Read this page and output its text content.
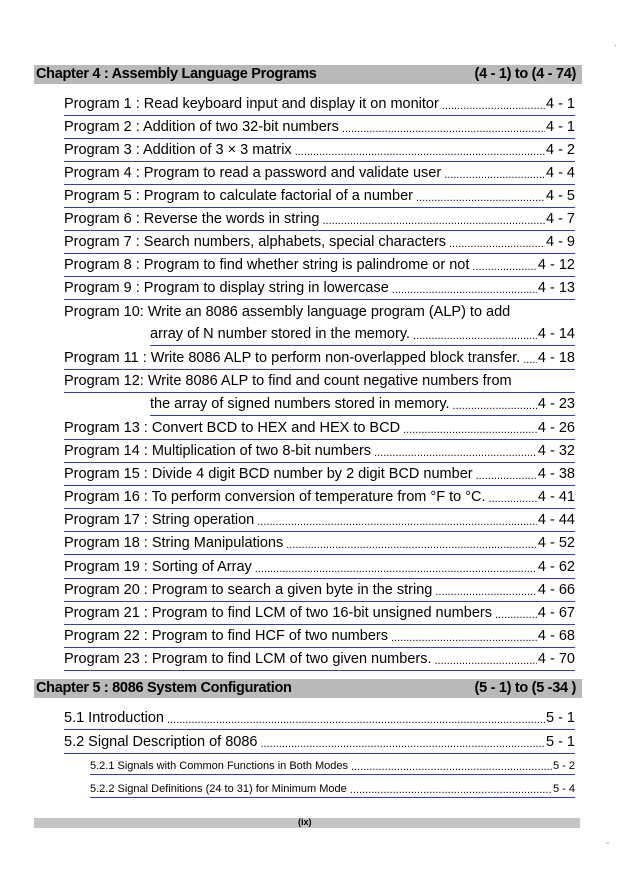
Chapter 4 : Assembly Language Programs	(4 - 1) to (4 - 74)
Program 1 : Read keyboard input and display it on monitor .....	4 - 1
Program 2 : Addition of two 32-bit numbers .....	4 - 1
Program 3 : Addition of 3 × 3 matrix .....	4 - 2
Program 4 : Program to read a password and validate user .....	4 - 4
Program 5 : Program to calculate factorial of a number .....	4 - 5
Program 6 : Reverse the words in string .....	4 - 7
Program 7 : Search numbers, alphabets, special characters .....	4 - 9
Program 8 : Program to find whether string is palindrome or not .....	4 - 12
Program 9 : Program to display string in lowercase .....	4 - 13
Program 10: Write an 8086 assembly language program (ALP) to add
array of N number stored in the memory. .....	4 - 14
Program 11 : Write 8086 ALP to perform non-overlapped block transfer. ..... 4 - 18
Program 12: Write 8086 ALP to find and count negative numbers from
the array of signed numbers stored in memory. .....	4 - 23
Program 13 : Convert BCD to HEX and HEX to BCD .....	4 - 26
Program 14 : Multiplication of two 8-bit numbers .....	4 - 32
Program 15 : Divide 4 digit BCD number by 2 digit BCD number .....	4 - 38
Program 16 : To perform conversion of temperature from °F to °C. .....	4 - 41
Program 17 : String operation .....	4 - 44
Program 18 : String Manipulations .....	4 - 52
Program 19 : Sorting of Array .....	4 - 62
Program 20 : Program to search a given byte in the string .....	4 - 66
Program 21 : Program to find LCM of two 16-bit unsigned numbers .....	4 - 67
Program 22 : Program to find HCF of two numbers .....	4 - 68
Program 23 : Program to find LCM of two given numbers. .....	4 - 70
Chapter 5 : 8086 System Configuration	(5 - 1) to (5 -34 )
5.1 Introduction .....	5 - 1
5.2 Signal Description of 8086 .....	5 - 1
5.2.1 Signals with Common Functions in Both Modes .....	5 - 2
5.2.2 Signal Definitions (24 to 31) for Minimum Mode .....	5 - 4
(ix)
·
-
